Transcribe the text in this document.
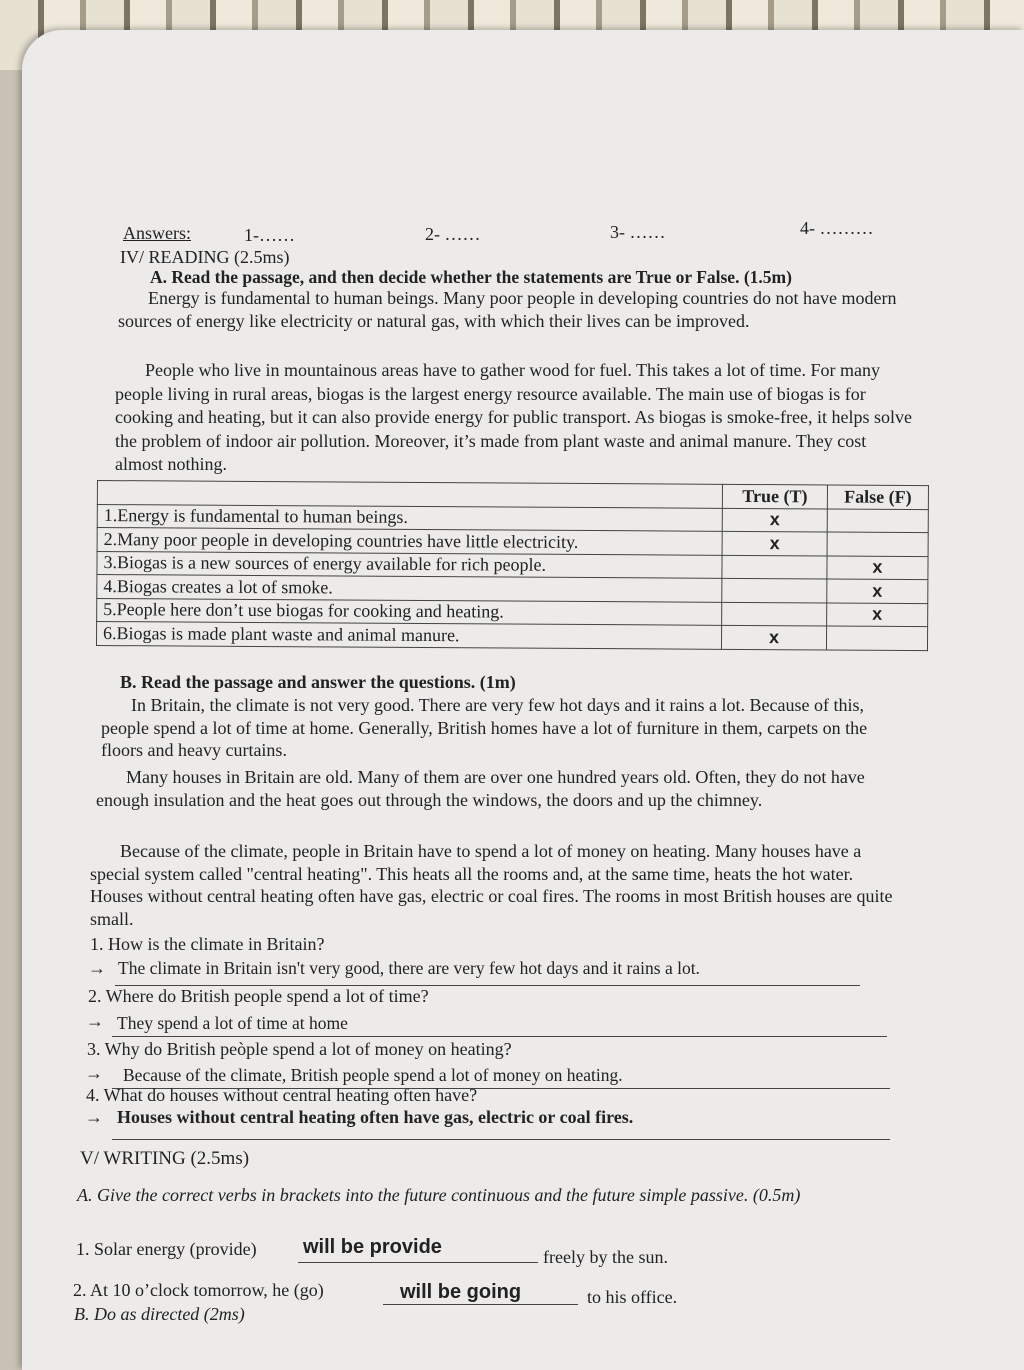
Answers:	1-……	2- ……	3- ……	4- ………
IV/ READING (2.5ms)
A. Read the passage, and then decide whether the statements are True or False. (1.5m)
Energy is fundamental to human beings. Many poor people in developing countries do not have modern sources of energy like electricity or natural gas, with which their lives can be improved.
People who live in mountainous areas have to gather wood for fuel. This takes a lot of time. For many people living in rural areas, biogas is the largest energy resource available. The main use of biogas is for cooking and heating, but it can also provide energy for public transport. As biogas is smoke-free, it helps solve the problem of indoor air pollution. Moreover, it’s made from plant waste and animal manure. They cost almost nothing.
	True (T)	False (F)
1.Energy is fundamental to human beings.	x	
2.Many poor people in developing countries have little electricity.	x	
3.Biogas is a new sources of energy available for rich people.		x
4.Biogas creates a lot of smoke.		x
5.People here don’t use biogas for cooking and heating.		x
6.Biogas is made plant waste and animal manure.	x	
B. Read the passage and answer the questions. (1m)
In Britain, the climate is not very good. There are very few hot days and it rains a lot. Because of this, people spend a lot of time at home. Generally, British homes have a lot of furniture in them, carpets on the floors and heavy curtains.
Many houses in Britain are old. Many of them are over one hundred years old. Often, they do not have enough insulation and the heat goes out through the windows, the doors and up the chimney.
Because of the climate, people in Britain have to spend a lot of money on heating. Many houses have a special system called "central heating". This heats all the rooms and, at the same time, heats the hot water. Houses without central heating often have gas, electric or coal fires. The rooms in most British houses are quite small.
1. How is the climate in Britain?
→ The climate in Britain isn't very good, there are very few hot days and it rains a lot.
2. Where do British people spend a lot of time?
→ They spend a lot of time at home
3. Why do British peòple spend a lot of money on heating?
→ Because of the climate, British people spend a lot of money on heating.
4. What do houses without central heating often have?
→ Houses without central heating often have gas, electric or coal fires.
V/ WRITING (2.5ms)
A. Give the correct verbs in brackets into the future continuous and the future simple passive. (0.5m)
1. Solar energy (provide) will be provide	freely by the sun.
2. At 10 o’clock tomorrow, he (go)	will be going	to his office.
B. Do as directed (2ms)
